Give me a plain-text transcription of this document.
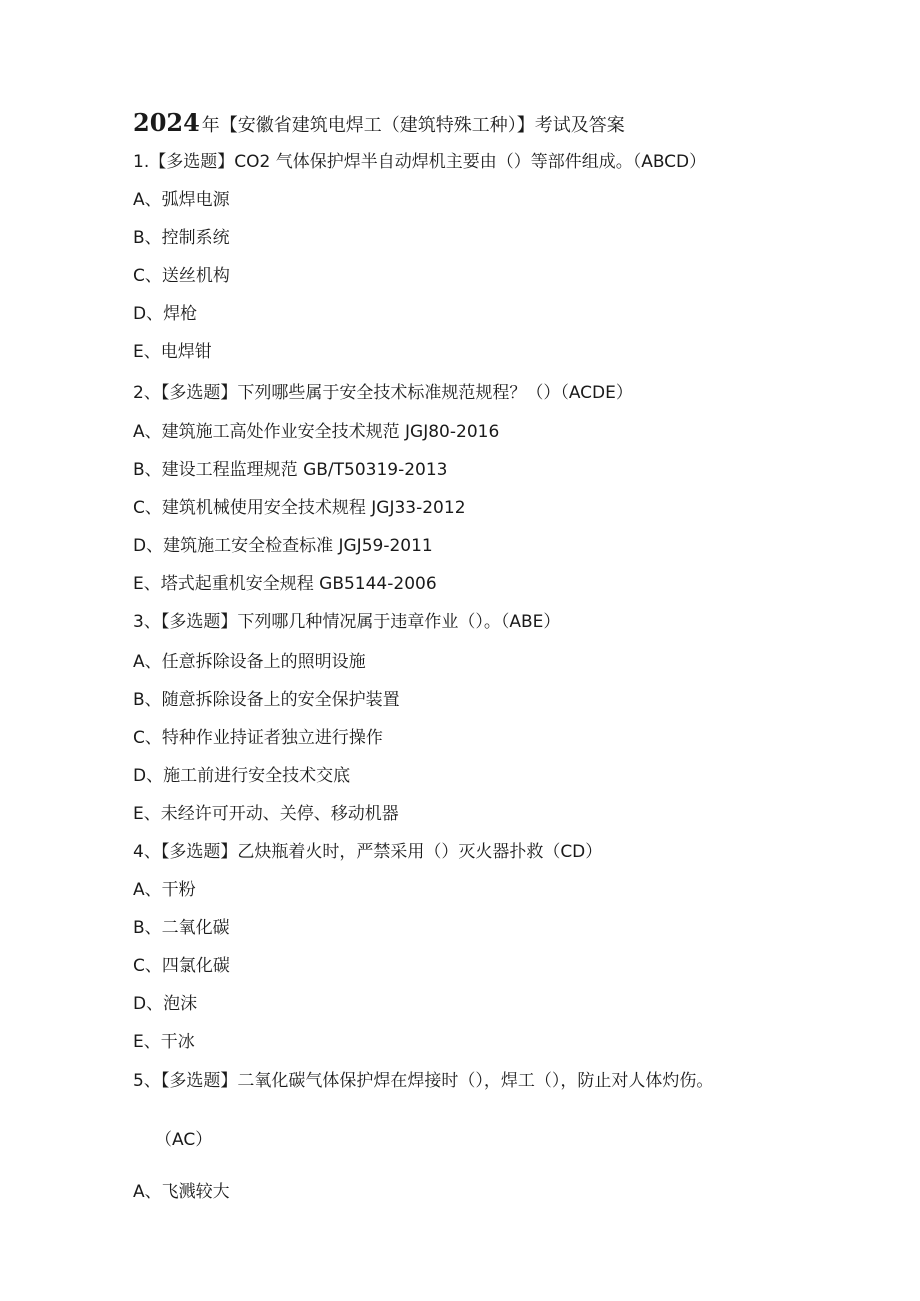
2024 年【安徽省建筑电焊工（建筑特殊工种）】考试及答案
1.【多选题】CO2 气体保护焊半自动焊机主要由（）等部件组成。（ABCD）
A、弧焊电源
B、控制系统
C、送丝机构
D、焊枪
E、电焊钳
2、【多选题】下列哪些属于安全技术标准规范规程？（）（ACDE）
A、建筑施工高处作业安全技术规范 JGJ80-2016
B、建设工程监理规范 GB/T50319-2013
C、建筑机械使用安全技术规程 JGJ33-2012
D、建筑施工安全检查标准 JGJ59-2011
E、塔式起重机安全规程 GB5144-2006
3、【多选题】下列哪几种情况属于违章作业（）。（ABE）
A、任意拆除设备上的照明设施
B、随意拆除设备上的安全保护装置
C、特种作业持证者独立进行操作
D、施工前进行安全技术交底
E、未经许可开动、关停、移动机器
4、【多选题】乙炔瓶着火时，严禁采用（）灭火器扑救（CD）
A、干粉
B、二氧化碳
C、四氯化碳
D、泡沫
E、干冰
5、【多选题】二氧化碳气体保护焊在焊接时（），焊工（），防止对人体灼伤。
（AC）
A、飞溅较大
